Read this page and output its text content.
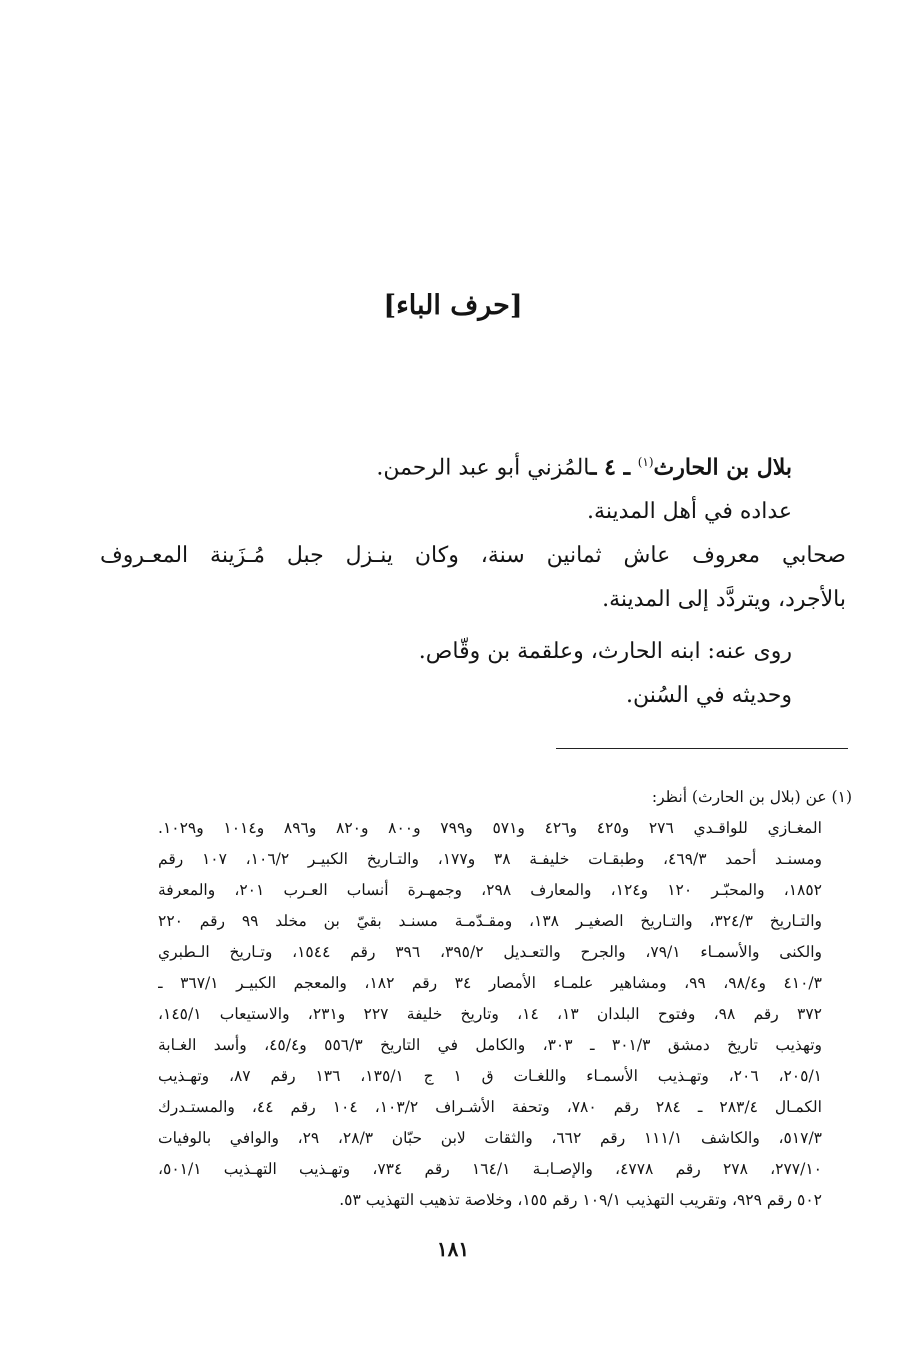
[حرف الباء]
بلال بن الحارث$^{(١)}$ ـ ٤ ـالمُزني أبو عبد الرحمن.
عداده في أهل المدينة.
صحابي معروف عاش ثمانين سنة، وكان ينـزل جبل مُـزَينة المعـروف
بالأجرد، ويتردَّد إلى المدينة.
روى عنه: ابنه الحارث، وعلقمة بن وقّاص.
وحديثه في السُنن.
(١) عن (بلال بن الحارث) أنظر:
المغـازي للواقـدي ٢٧٦ و٤٢٥ و٤٢٦ و٥٧١ و٧٩٩ و٨٠٠ و٨٢٠ و٨٩٦ و١٠١٤ و١٠٢٩.
ومسنـد أحمد ٤٦٩/٣، وطبقـات خليفـة ٣٨ و١٧٧، والتـاريخ الكبيـر ١٠٦/٢، ١٠٧ رقم
١٨٥٢، والمحبّـر ١٢٠ و١٢٤، والمعارف ٢٩٨، وجمهـرة أنساب العـرب ٢٠١، والمعرفة
والتـاريخ ٣٢٤/٣، والتـاريخ الصغيـر ١٣٨، ومقـدّمـة مسنـد بقيّ بن مخلد ٩٩ رقم ٢٢٠
والكنى والأسمـاء ٧٩/١، والجرح والتعـديل ٣٩٥/٢، ٣٩٦ رقم ١٥٤٤، وتـاريخ الـطبري
٤١٠/٣ و٩٨/٤، ٩٩، ومشاهير علمـاء الأمصار ٣٤ رقم ١٨٢، والمعجم الكبيـر ٣٦٧/١ ـ
٣٧٢ رقم ٩٨، وفتوح البلدان ١٣، ١٤، وتاريخ خليفة ٢٢٧ و٢٣١، والاستيعاب ١٤٥/١،
وتهذيب تاريخ دمشق ٣٠١/٣ ـ ٣٠٣، والكامل في التاريخ ٥٥٦/٣ و٤٥/٤، وأسد الغـابة
٢٠٥/١، ٢٠٦، وتهـذيب الأسمـاء واللغـات ق ١ ج ١٣٥/١، ١٣٦ رقم ٨٧، وتهـذيب
الكمـال ٢٨٣/٤ ـ ٢٨٤ رقم ٧٨٠، وتحفة الأشـراف ١٠٣/٢، ١٠٤ رقم ٤٤، والمستـدرك
٥١٧/٣، والكاشف ١١١/١ رقم ٦٦٢، والثقات لابن حبّان ٢٨/٣، ٢٩، والوافي بالوفيات
٢٧٧/١٠، ٢٧٨ رقم ٤٧٧٨، والإصـابـة ١٦٤/١ رقم ٧٣٤، وتهـذيب التهـذيب ٥٠١/١،
٥٠٢ رقم ٩٢٩، وتقريب التهذيب ١٠٩/١ رقم ١٥٥، وخلاصة تذهيب التهذيب ٥٣.
١٨١
